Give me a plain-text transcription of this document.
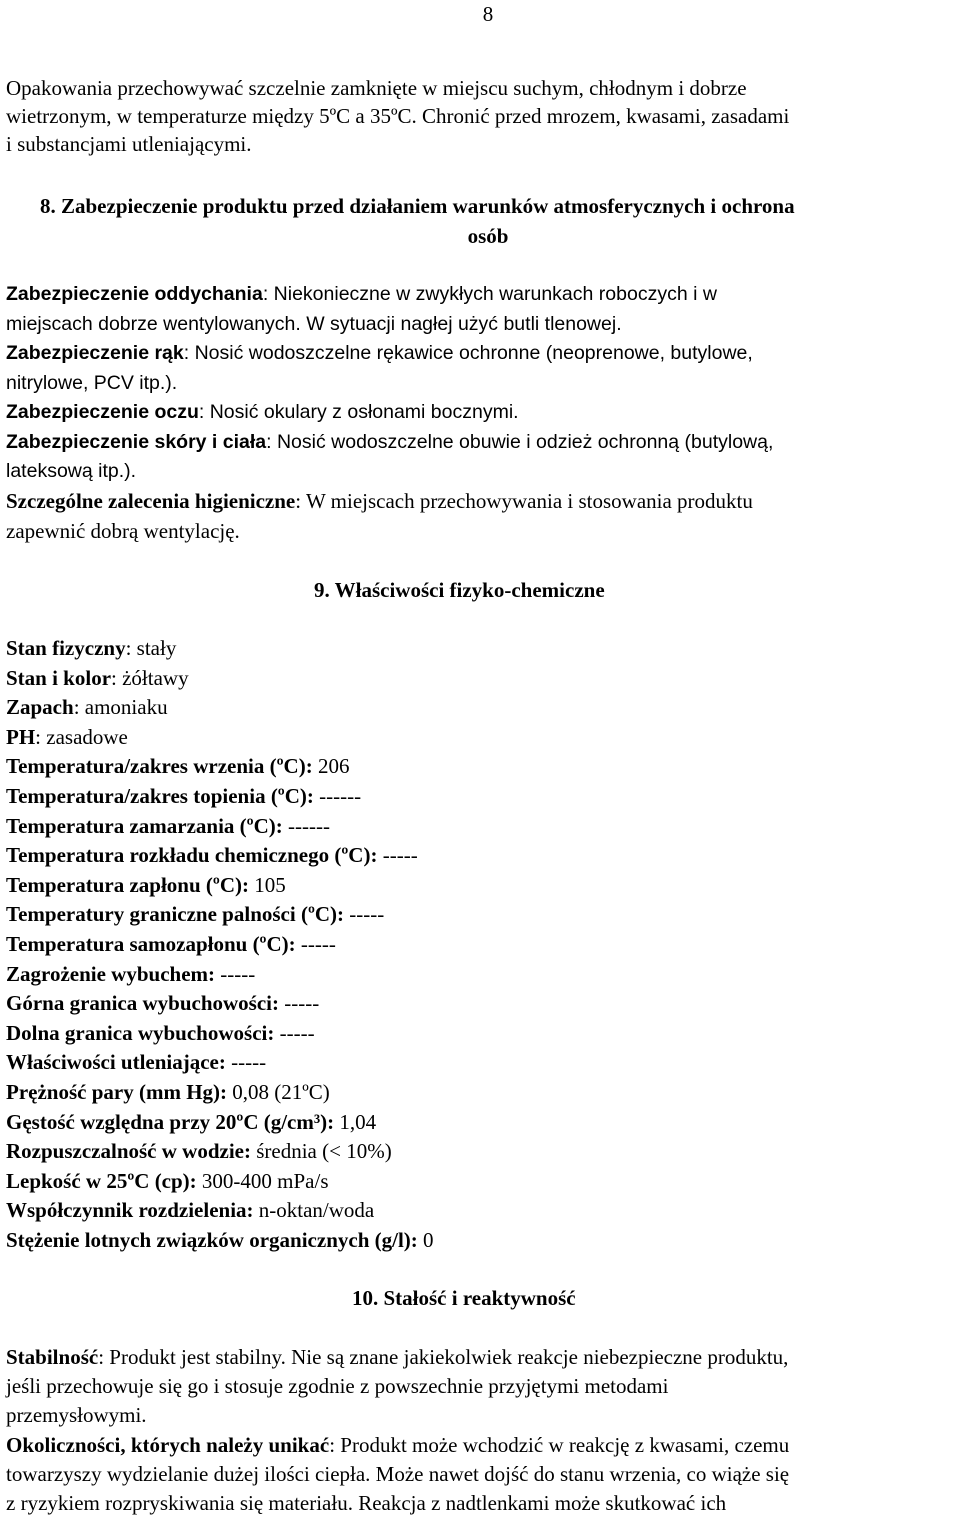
8

Opakowania przechowywać szczelnie zamknięte w miejscu suchym, chłodnym i dobrze

wietrzonym, w temperaturze między 5ºC a 35ºC. Chronić przed mrozem, kwasami, zasadami

i substancjami utleniającymi.

8. Zabezpieczenie produktu przed działaniem warunków atmosferycznych i ochrona
osób
Zabezpieczenie oddychania: Niekonieczne w zwykłych warunkach roboczych i w
miejscach dobrze wentylowanych. W sytuacji nagłej użyć butli tlenowej.
Zabezpieczenie rąk: Nosić wodoszczelne rękawice ochronne (neoprenowe, butylowe,
nitrylowe, PCV itp.).
Zabezpieczenie oczu: Nosić okulary z osłonami bocznymi.
Zabezpieczenie skóry i ciała: Nosić wodoszczelne obuwie i odzież ochronną (butylową,
lateksową itp.).
Szczególne zalecenia higieniczne: W miejscach przechowywania i stosowania produktu
zapewnić dobrą wentylację.
9. Właściwości fizyko-chemiczne

Stan fizyczny: stały

Stan i kolor: żółtawy

Zapach: amoniaku

PH: zasadowe

Temperatura/zakres wrzenia (ºC): 206

Temperatura/zakres topienia (ºC): ------

Temperatura zamarzania (ºC): ------

Temperatura rozkładu chemicznego (ºC): -----

Temperatura zapłonu (ºC): 105

Temperatury graniczne palności (ºC): -----

Temperatura samozapłonu (ºC): -----

Zagrożenie wybuchem: -----

Górna granica wybuchowości: -----

Dolna granica wybuchowości: -----

Właściwości utleniające: -----

Prężność pary (mm Hg): 0,08 (21ºC)

Gęstość względna przy 20ºC (g/cm³): 1,04

Rozpuszczalność w wodzie: średnia (< 10%)

Lepkość w 25ºC (cp): 300-400 mPa/s

Współczynnik rozdzielenia: n-oktan/woda

Stężenie lotnych związków organicznych (g/l): 0

10. Stałość i reaktywność
Stabilność: Produkt jest stabilny. Nie są znane jakiekolwiek reakcje niebezpieczne produktu,
jeśli przechowuje się go i stosuje zgodnie z powszechnie przyjętymi metodami
przemysłowymi.
Okoliczności, których należy unikać: Produkt może wchodzić w reakcję z kwasami, czemu
towarzyszy wydzielanie dużej ilości ciepła. Może nawet dojść do stanu wrzenia, co wiąże się
z ryzykiem rozpryskiwania się materiału. Reakcja z nadtlenkami może skutkować ich
